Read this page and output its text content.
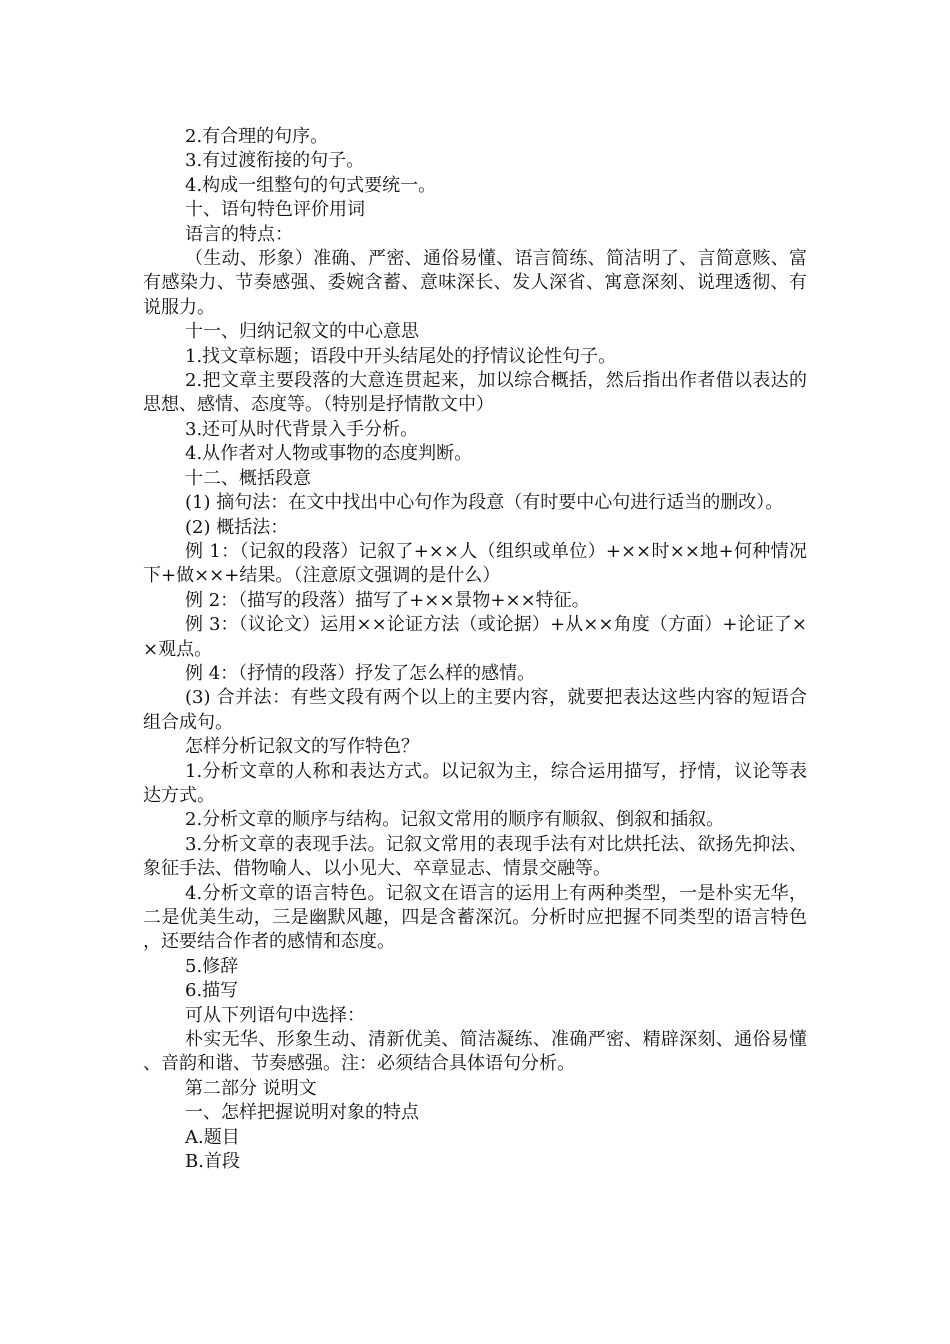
2.有合理的句序。

3.有过渡衔接的句子。

4.构成一组整句的句式要统一。

十、语句特色评价用词

语言的特点：

（生动、形象）准确、严密、通俗易懂、语言简练、简洁明了、言简意赅、富有感染力、节奏感强、委婉含蓄、意味深长、发人深省、寓意深刻、说理透彻、有说服力。

十一、归纳记叙文的中心意思

1.找文章标题；语段中开头结尾处的抒情议论性句子。

2.把文章主要段落的大意连贯起来，加以综合概括，然后指出作者借以表达的思想、感情、态度等。（特别是抒情散文中）

3.还可从时代背景入手分析。

4.从作者对人物或事物的态度判断。

十二、概括段意

(1) 摘句法：在文中找出中心句作为段意（有时要中心句进行适当的删改）。

(2) 概括法：

例 1：（记叙的段落）记叙了+××人（组织或单位）+××时××地+何种情况下+做××+结果。（注意原文强调的是什么）

例 2：（描写的段落）描写了+××景物+××特征。

例 3：（议论文）运用××论证方法（或论据）+从××角度（方面）+论证了××观点。

例 4：（抒情的段落）抒发了怎么样的感情。

(3) 合并法：有些文段有两个以上的主要内容，就要把表达这些内容的短语合组合成句。

怎样分析记叙文的写作特色？

1.分析文章的人称和表达方式。以记叙为主，综合运用描写，抒情，议论等表达方式。

2.分析文章的顺序与结构。记叙文常用的顺序有顺叙、倒叙和插叙。

3.分析文章的表现手法。记叙文常用的表现手法有对比烘托法、欲扬先抑法、象征手法、借物喻人、以小见大、卒章显志、情景交融等。

4.分析文章的语言特色。记叙文在语言的运用上有两种类型，一是朴实无华，二是优美生动，三是幽默风趣，四是含蓄深沉。分析时应把握不同类型的语言特色，还要结合作者的感情和态度。

5.修辞

6.描写

可从下列语句中选择：

朴实无华、形象生动、清新优美、简洁凝练、准确严密、精辟深刻、通俗易懂、音韵和谐、节奏感强。注：必须结合具体语句分析。

第二部分 说明文

一、怎样把握说明对象的特点

A.题目

B.首段
